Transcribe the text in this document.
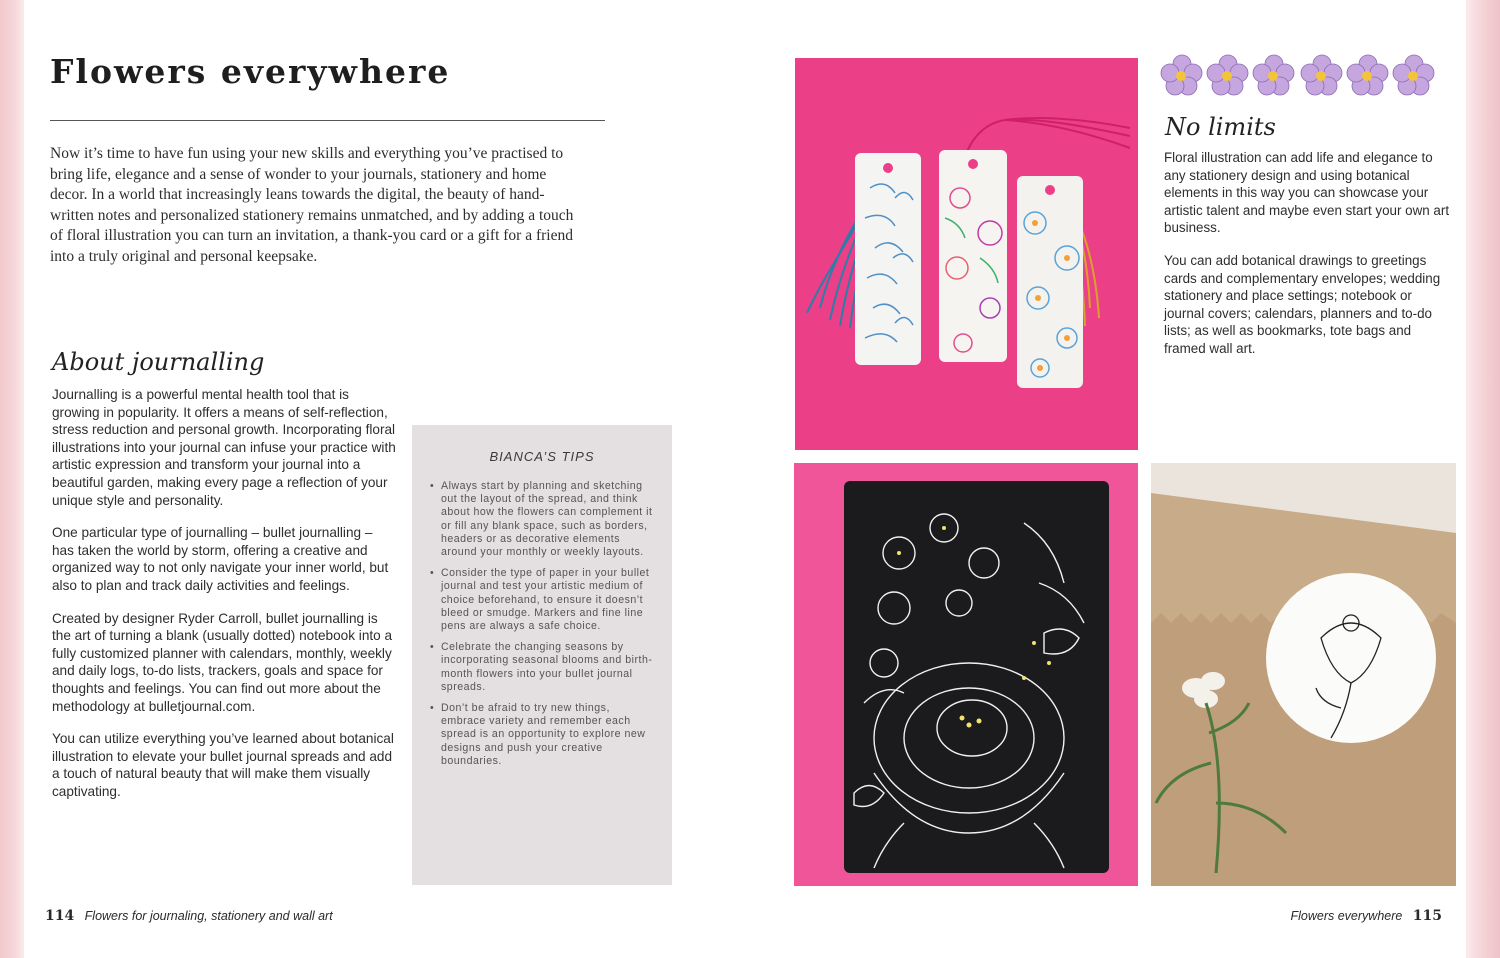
Flowers everywhere
Now it’s time to have fun using your new skills and everything you’ve practised to bring life, elegance and a sense of wonder to your journals, stationery and home decor. In a world that increasingly leans towards the digital, the beauty of hand-written notes and personalized stationery remains unmatched, and by adding a touch of floral illustration you can turn an invitation, a thank-you card or a gift for a friend into a truly original and personal keepsake.
About journalling

Journalling is a powerful mental health tool that is growing in popularity. It offers a means of self-reflection, stress reduction and personal growth. Incorporating floral illustrations into your journal can infuse your practice with artistic expression and transform your journal into a beautiful garden, making every page a reflection of your unique style and personality.

One particular type of journalling – bullet journalling – has taken the world by storm, offering a creative and organized way to not only navigate your inner world, but also to plan and track daily activities and feelings.

Created by designer Ryder Carroll, bullet journalling is the art of turning a blank (usually dotted) notebook into a fully customized planner with calendars, monthly, weekly and daily logs, to-do lists, trackers, goals and space for thoughts and feelings. You can find out more about the methodology at bulletjournal.com.

You can utilize everything you’ve learned about botanical illustration to elevate your bullet journal spreads and add a touch of natural beauty that will make them visually captivating.

BIANCA’S TIPS
• Always start by planning and sketching out the layout of the spread, and think about how the flowers can complement it or fill any blank space, such as borders, headers or as decorative elements around your monthly or weekly layouts.
• Consider the type of paper in your bullet journal and test your artistic medium of choice beforehand, to ensure it doesn’t bleed or smudge. Markers and fine line pens are always a safe choice.
• Celebrate the changing seasons by incorporating seasonal blooms and birth-month flowers into your bullet journal spreads.
• Don’t be afraid to try new things, embrace variety and remember each spread is an opportunity to explore new designs and push your creative boundaries.
114 Flowers for journaling, stationery and wall art
No limits

Floral illustration can add life and elegance to any stationery design and using botanical elements in this way you can showcase your artistic talent and maybe even start your own art business.

You can add botanical drawings to greetings cards and complementary envelopes; wedding stationery and place settings; notebook or journal covers; calendars, planners and to-do lists; as well as bookmarks, tote bags and framed wall art.

Flowers everywhere 115
